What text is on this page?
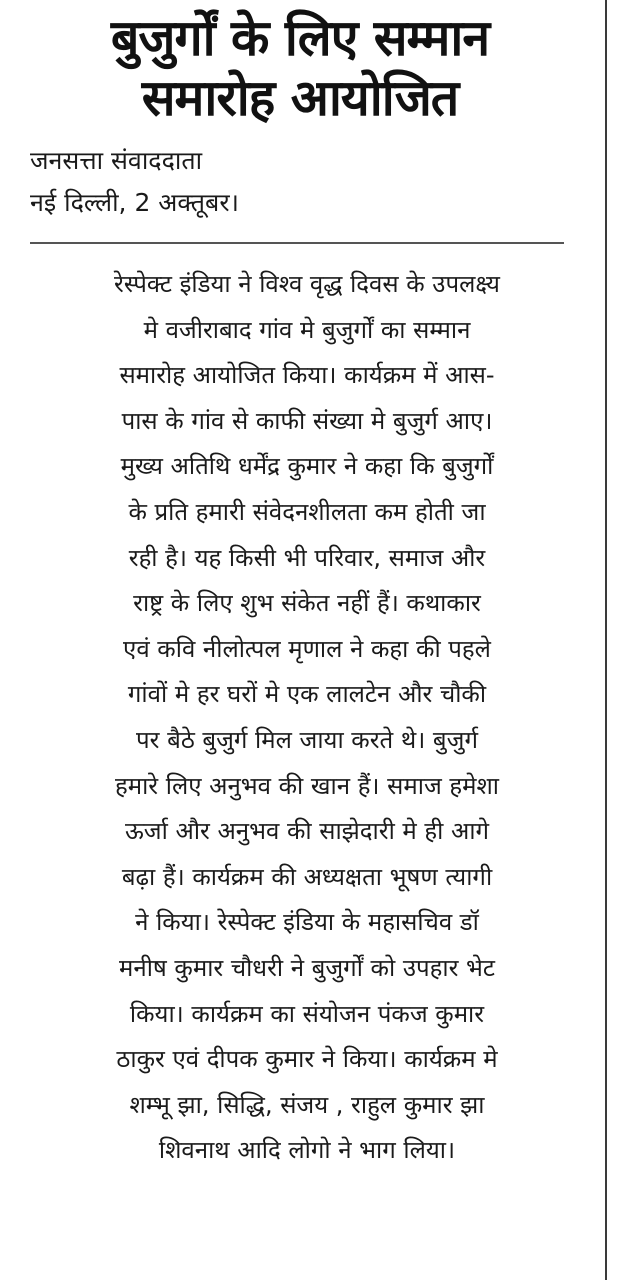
बुजुर्गों के लिए सम्मान
समारोह आयोजित
जनसत्ता संवाददाता
नई दिल्ली, 2 अक्तूबर।
रेस्पेक्ट इंडिया ने विश्व वृद्ध दिवस के उपलक्ष्य
मे वजीराबाद गांव मे बुजुर्गों का सम्मान
समारोह आयोजित किया। कार्यक्रम में आस-
पास के गांव से काफी संख्या मे बुजुर्ग आए।
मुख्य अतिथि धर्मेंद्र कुमार ने कहा कि बुजुर्गों
के प्रति हमारी संवेदनशीलता कम होती जा
रही है। यह किसी भी परिवार, समाज और
राष्ट्र के लिए शुभ संकेत नहीं हैं। कथाकार
एवं कवि नीलोत्पल मृणाल ने कहा की पहले
गांवों मे हर घरों मे एक लालटेन और चौकी
पर बैठे बुजुर्ग मिल जाया करते थे। बुजुर्ग
हमारे लिए अनुभव की खान हैं। समाज हमेशा
ऊर्जा और अनुभव की साझेदारी मे ही आगे
बढ़ा हैं। कार्यक्रम की अध्यक्षता भूषण त्यागी
ने किया। रेस्पेक्ट इंडिया के महासचिव डॉ
मनीष कुमार चौधरी ने बुजुर्गों को उपहार भेट
किया। कार्यक्रम का संयोजन पंकज कुमार
ठाकुर एवं दीपक कुमार ने किया। कार्यक्रम मे
शम्भू झा, सिद्धि, संजय , राहुल कुमार झा
शिवनाथ आदि लोगो ने भाग लिया।
